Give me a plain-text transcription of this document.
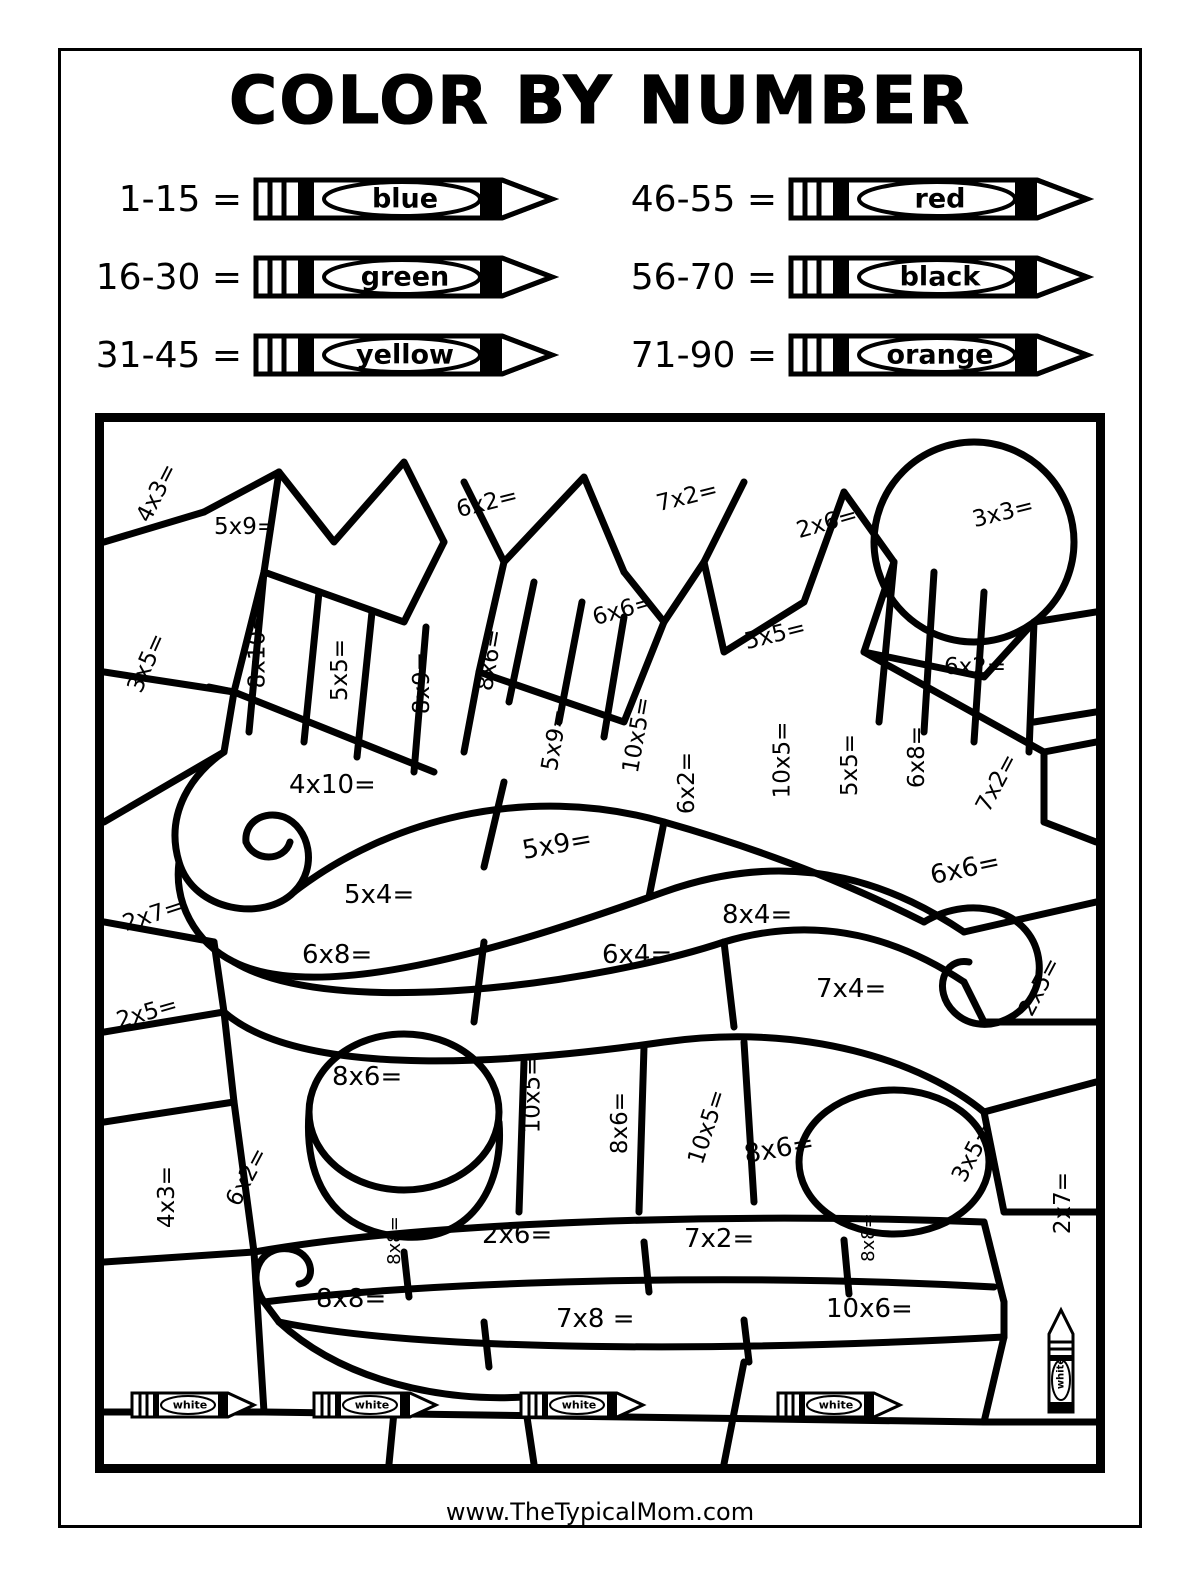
COLOR BY NUMBER
1-15 =	blue
16-30 =	green
31-45 =	yellow
46-55 =	red
56-70 =	black
71-90 =	orange
4x3=
5x9=
6x2=	7x2=
2x6=	3x3=
8x10= 5x5= 8x9= 8x6=
6x6=
5x5=
3x5=	6x2=
5x9= 10x5=
6x2=	10x5= 5x5= 6x8=
4x10=	7x2=
5x9=
6x6=
5x4=
8x4=
2x7=
6x8=	6x4=
7x4=	2x5=
2x5=
8x6=	10x5=	8x6= 10x5= 8x6=	3x5=
4x3= 6x2=
8x8=	2x6=	7x2=	8x8=
2x7=
8x8=
7x8 =	10x6=
white	white	white	white
white
www.TheTypicalMom.com
